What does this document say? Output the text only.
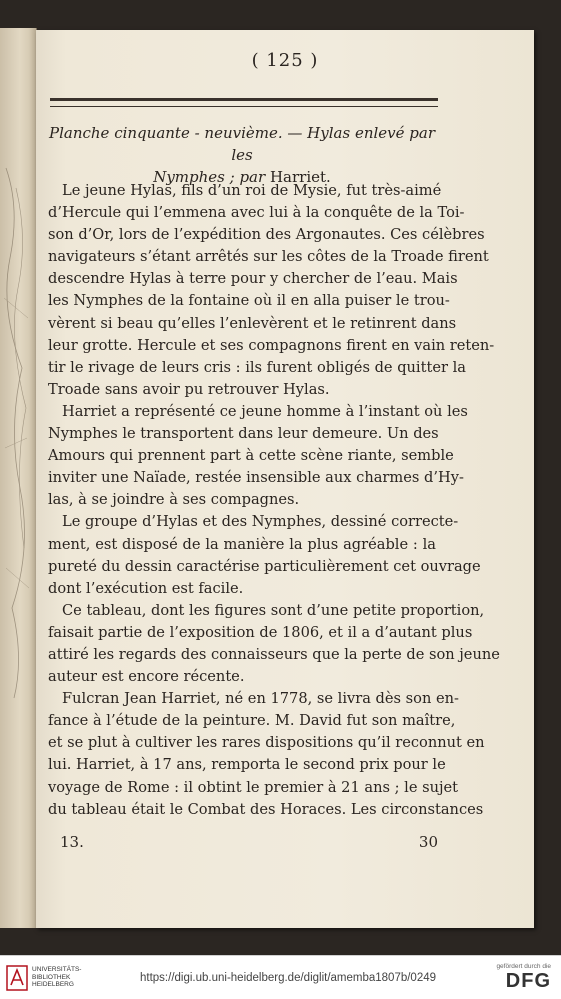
( 125 )
Planche cinquante - neuvième. — Hylas enlevé par les
Nymphes ; par Harriet.
Le jeune Hylas, fils d’un roi de Mysie, fut très-aimé
d’Hercule qui l’emmena avec lui à la conquête de la Toi-
son d’Or, lors de l’expédition des Argonautes. Ces célèbres
navigateurs s’étant arrêtés sur les côtes de la Troade firent
descendre Hylas à terre pour y chercher de l’eau. Mais
les Nymphes de la fontaine où il en alla puiser le trou-
vèrent si beau qu’elles l’enlevèrent et le retinrent dans
leur grotte. Hercule et ses compagnons firent en vain reten-
tir le rivage de leurs cris : ils furent obligés de quitter la
Troade sans avoir pu retrouver Hylas.
Harriet a représenté ce jeune homme à l’instant où les
Nymphes le transportent dans leur demeure. Un des
Amours qui prennent part à cette scène riante, semble
inviter une Naïade, restée insensible aux charmes d’Hy-
las, à se joindre à ses compagnes.
Le groupe d’Hylas et des Nymphes, dessiné correcte-
ment, est disposé de la manière la plus agréable : la
pureté du dessin caractérise particulièrement cet ouvrage
dont l’exécution est facile.
Ce tableau, dont les figures sont d’une petite proportion,
faisait partie de l’exposition de 1806, et il a d’autant plus
attiré les regards des connaisseurs que la perte de son jeune
auteur est encore récente.
Fulcran Jean Harriet, né en 1778, se livra dès son en-
fance à l’étude de la peinture. M. David fut son maître,
et se plut à cultiver les rares dispositions qu’il reconnut en
lui. Harriet, à 17 ans, remporta le second prix pour le
voyage de Rome : il obtint le premier à 21 ans ; le sujet
du tableau était le Combat des Horaces. Les circonstances
13.	30
UNIVERSITÄTS-
BIBLIOTHEK
HEIDELBERG
https://digi.ub.uni-heidelberg.de/diglit/amemba1807b/0249
gefördert durch die
DFG
